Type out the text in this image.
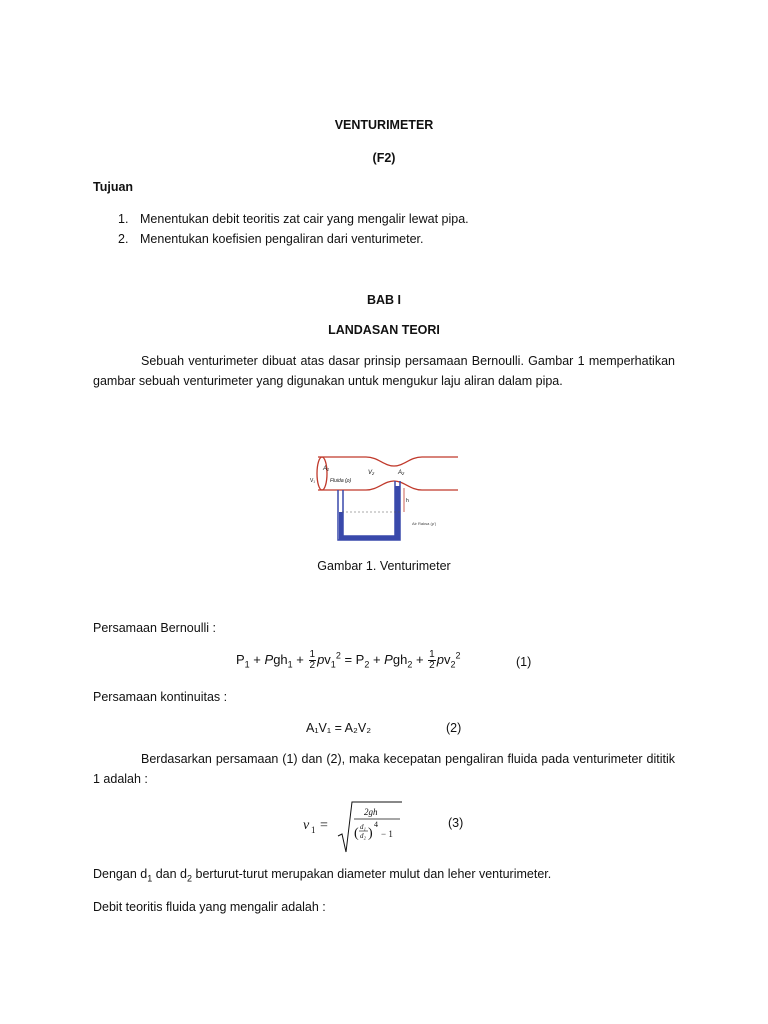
VENTURIMETER
(F2)
Tujuan
1. Menentukan debit teoritis zat cair yang mengalir lewat pipa.
2. Menentukan koefisien pengaliran dari venturimeter.
BAB I
LANDASAN TEORI
Sebuah venturimeter dibuat atas dasar prinsip persamaan Bernoulli. Gambar 1 memperhatikan gambar sebuah venturimeter yang digunakan untuk mengukur laju aliran dalam pipa.
A₁
V₂	A₂
Fluida (ρ)
h
V₁
Air Raksa (ρ')
Gambar 1. Venturimeter
Persamaan Bernoulli :
$P_1 + Pgh_1 + \frac{1}{2} pv_1^2 = P_2 + Pgh_2 + \frac{1}{2} pv_2^2$	(1)
Persamaan kontinuitas :
A₁V₁ = A₂V₂	(2)
Berdasarkan persamaan (1) dan (2), maka kecepatan pengaliran fluida pada venturimeter dititik 1 adalah :
v 1 =
2gh
( d₁
d₂ )
4
− 1
(3)
Dengan $d_1$ dan $d_2$ berturut-turut merupakan diameter mulut dan leher venturimeter.
Debit teoritis fluida yang mengalir adalah :
